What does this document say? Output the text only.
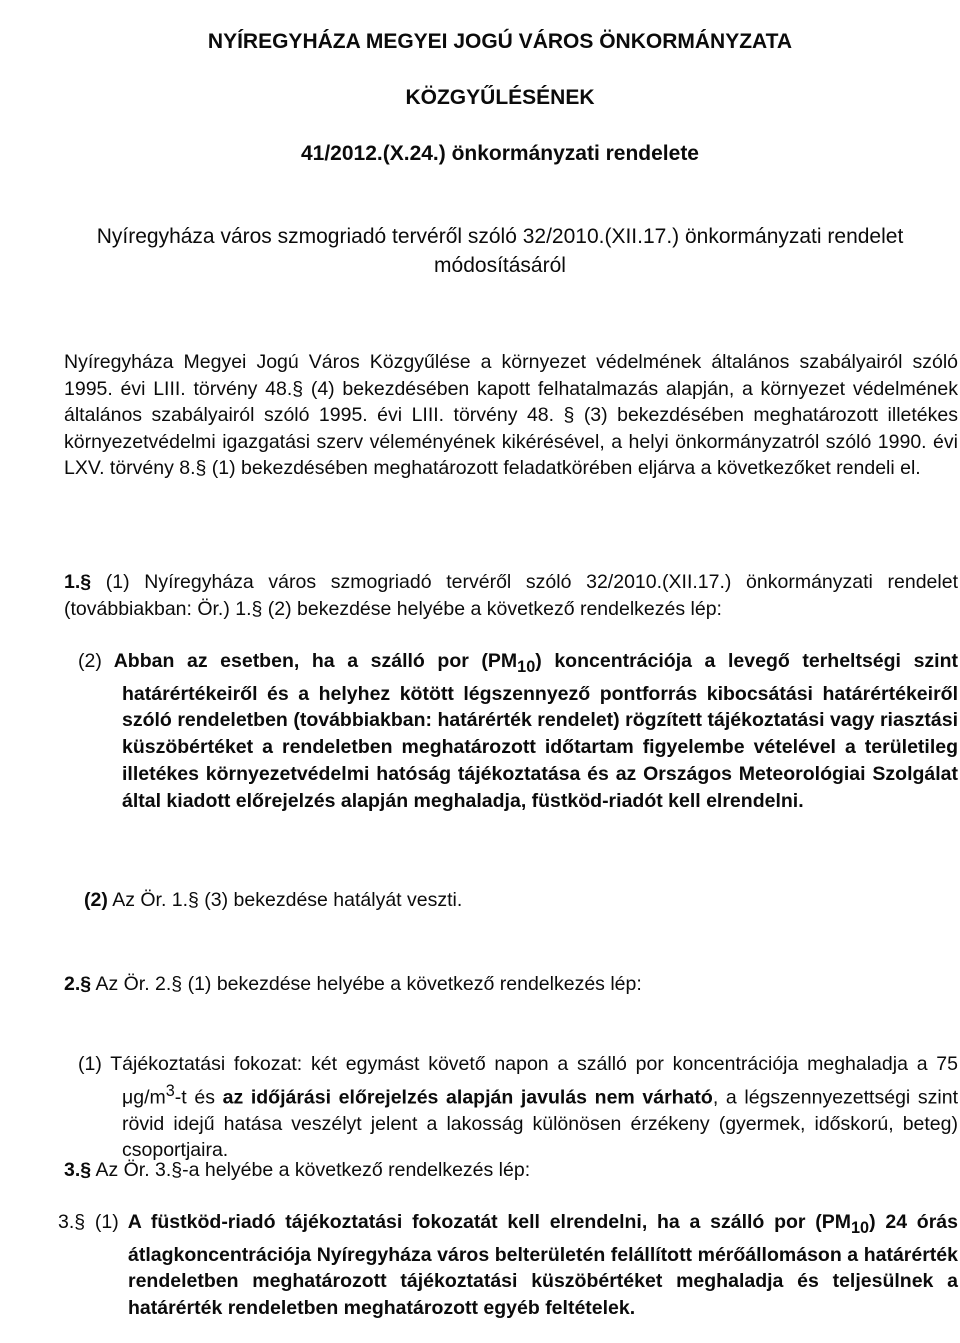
NYÍREGYHÁZA MEGYEI JOGÚ VÁROS ÖNKORMÁNYZATA
KÖZGYŰLÉSÉNEK
41/2012.(X.24.) önkormányzati rendelete
Nyíregyháza város szmogriadó tervéről szóló 32/2010.(XII.17.) önkormányzati rendelet módosításáról
Nyíregyháza Megyei Jogú Város Közgyűlése a környezet védelmének általános szabályairól szóló 1995. évi LIII. törvény 48.§ (4) bekezdésében kapott felhatalmazás alapján, a környezet védelmének általános szabályairól szóló 1995. évi LIII. törvény 48. § (3) bekezdésében meghatározott illetékes környezetvédelmi igazgatási szerv véleményének kikérésével, a helyi önkormányzatról szóló 1990. évi LXV. törvény 8.§ (1) bekezdésében meghatározott feladatkörében eljárva a következőket rendeli el.
1.§ (1) Nyíregyháza város szmogriadó tervéről szóló 32/2010.(XII.17.) önkormányzati rendelet (továbbiakban: Ör.) 1.§ (2) bekezdése helyébe a következő rendelkezés lép:
(2) Abban az esetben, ha a szálló por $(PM_{10})$ koncentrációja a levegő terheltségi szint határértékeiről és a helyhez kötött légszennyező pontforrás kibocsátási határértékeiről szóló rendeletben (továbbiakban: határérték rendelet) rögzített tájékoztatási vagy riasztási küszöbértéket a rendeletben meghatározott időtartam figyelembe vételével a területileg illetékes környezetvédelmi hatóság tájékoztatása és az Országos Meteorológiai Szolgálat által kiadott előrejelzés alapján meghaladja, füstköd-riadót kell elrendelni.
(2) Az Ör. 1.§ (3) bekezdése hatályát veszti.
2.§ Az Ör. 2.§ (1) bekezdése helyébe a következő rendelkezés lép:
(1) Tájékoztatási fokozat: két egymást követő napon a szálló por koncentrációja meghaladja a 75 $\mu g/m^3-t$ és az időjárási előrejelzés alapján javulás nem várható, a légszennyezettségi szint rövid idejű hatása veszélyt jelent a lakosság különösen érzékeny (gyermek, időskorú, beteg) csoportjaira.
3.§ Az Ör. 3.§-a helyébe a következő rendelkezés lép:
3.§ (1) A füstköd-riadó tájékoztatási fokozatát kell elrendelni, ha a szálló por $(PM_{10})$ 24 órás átlagkoncentrációja Nyíregyháza város belterületén felállított mérőállomáson a határérték rendeletben meghatározott tájékoztatási küszöbértéket meghaladja és teljesülnek a határérték rendeletben meghatározott egyéb feltételek.
